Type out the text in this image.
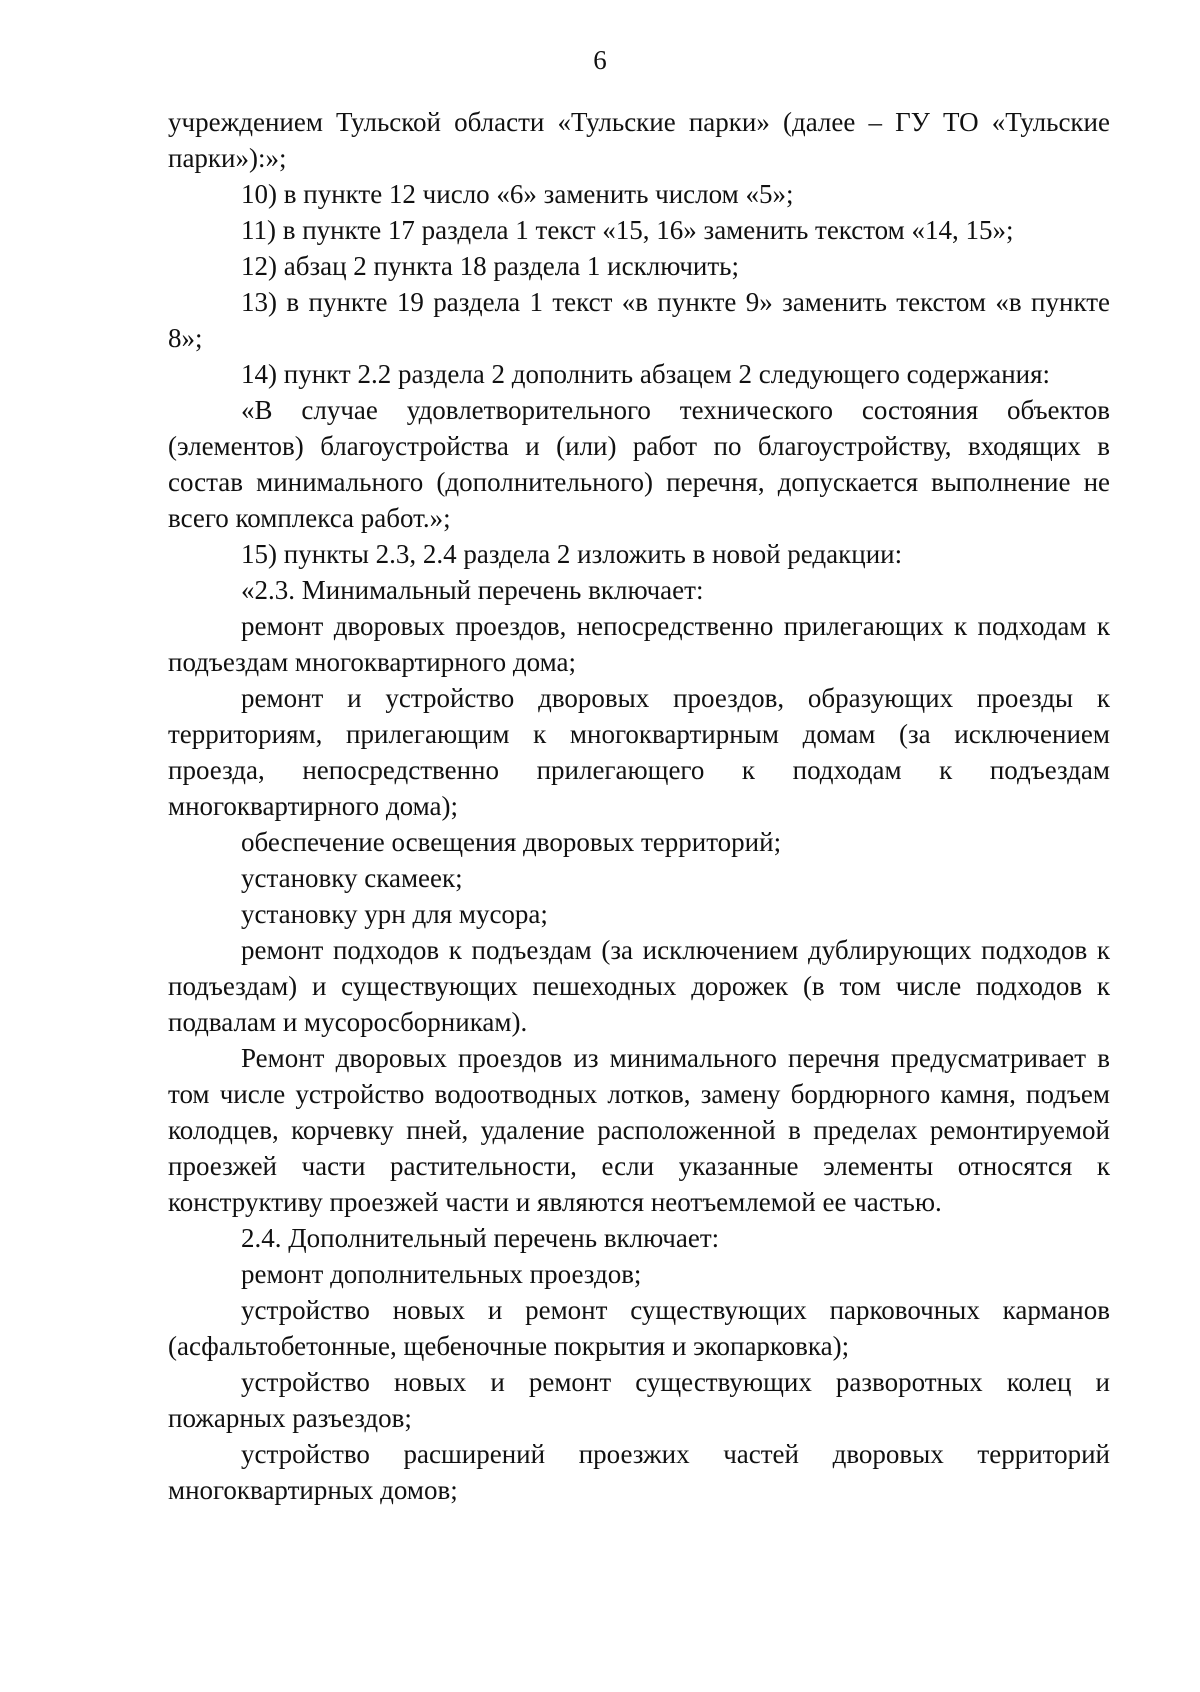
6

учреждением Тульской области «Тульские парки» (далее – ГУ ТО «Тульские парки»):»;

10) в пункте 12 число «6» заменить числом «5»;

11) в пункте 17 раздела 1 текст «15, 16» заменить текстом «14, 15»;

12) абзац 2 пункта 18 раздела 1 исключить;

13) в пункте 19 раздела 1 текст «в пункте 9» заменить текстом «в пункте 8»;

14) пункт 2.2 раздела 2 дополнить абзацем 2 следующего содержания:

«В случае удовлетворительного технического состояния объектов (элементов) благоустройства и (или) работ по благоустройству, входящих в состав минимального (дополнительного) перечня, допускается выполнение не всего комплекса работ.»;

15) пункты 2.3, 2.4 раздела 2 изложить в новой редакции:

«2.3. Минимальный перечень включает:

ремонт дворовых проездов, непосредственно прилегающих к подходам к подъездам многоквартирного дома;

ремонт и устройство дворовых проездов, образующих проезды к территориям, прилегающим к многоквартирным домам (за исключением проезда, непосредственно прилегающего к подходам к подъездам многоквартирного дома);

обеспечение освещения дворовых территорий;

установку скамеек;

установку урн для мусора;

ремонт подходов к подъездам (за исключением дублирующих подходов к подъездам) и существующих пешеходных дорожек (в том числе подходов к подвалам и мусоросборникам).

Ремонт дворовых проездов из минимального перечня предусматривает в том числе устройство водоотводных лотков, замену бордюрного камня, подъем колодцев, корчевку пней, удаление расположенной в пределах ремонтируемой проезжей части растительности, если указанные элементы относятся к конструктиву проезжей части и являются неотъемлемой ее частью.

2.4. Дополнительный перечень включает:

ремонт дополнительных проездов;

устройство новых и ремонт существующих парковочных карманов (асфальтобетонные, щебеночные покрытия и экопарковка);

устройство новых и ремонт существующих разворотных колец и пожарных разъездов;

устройство расширений проезжих частей дворовых территорий многоквартирных домов;
